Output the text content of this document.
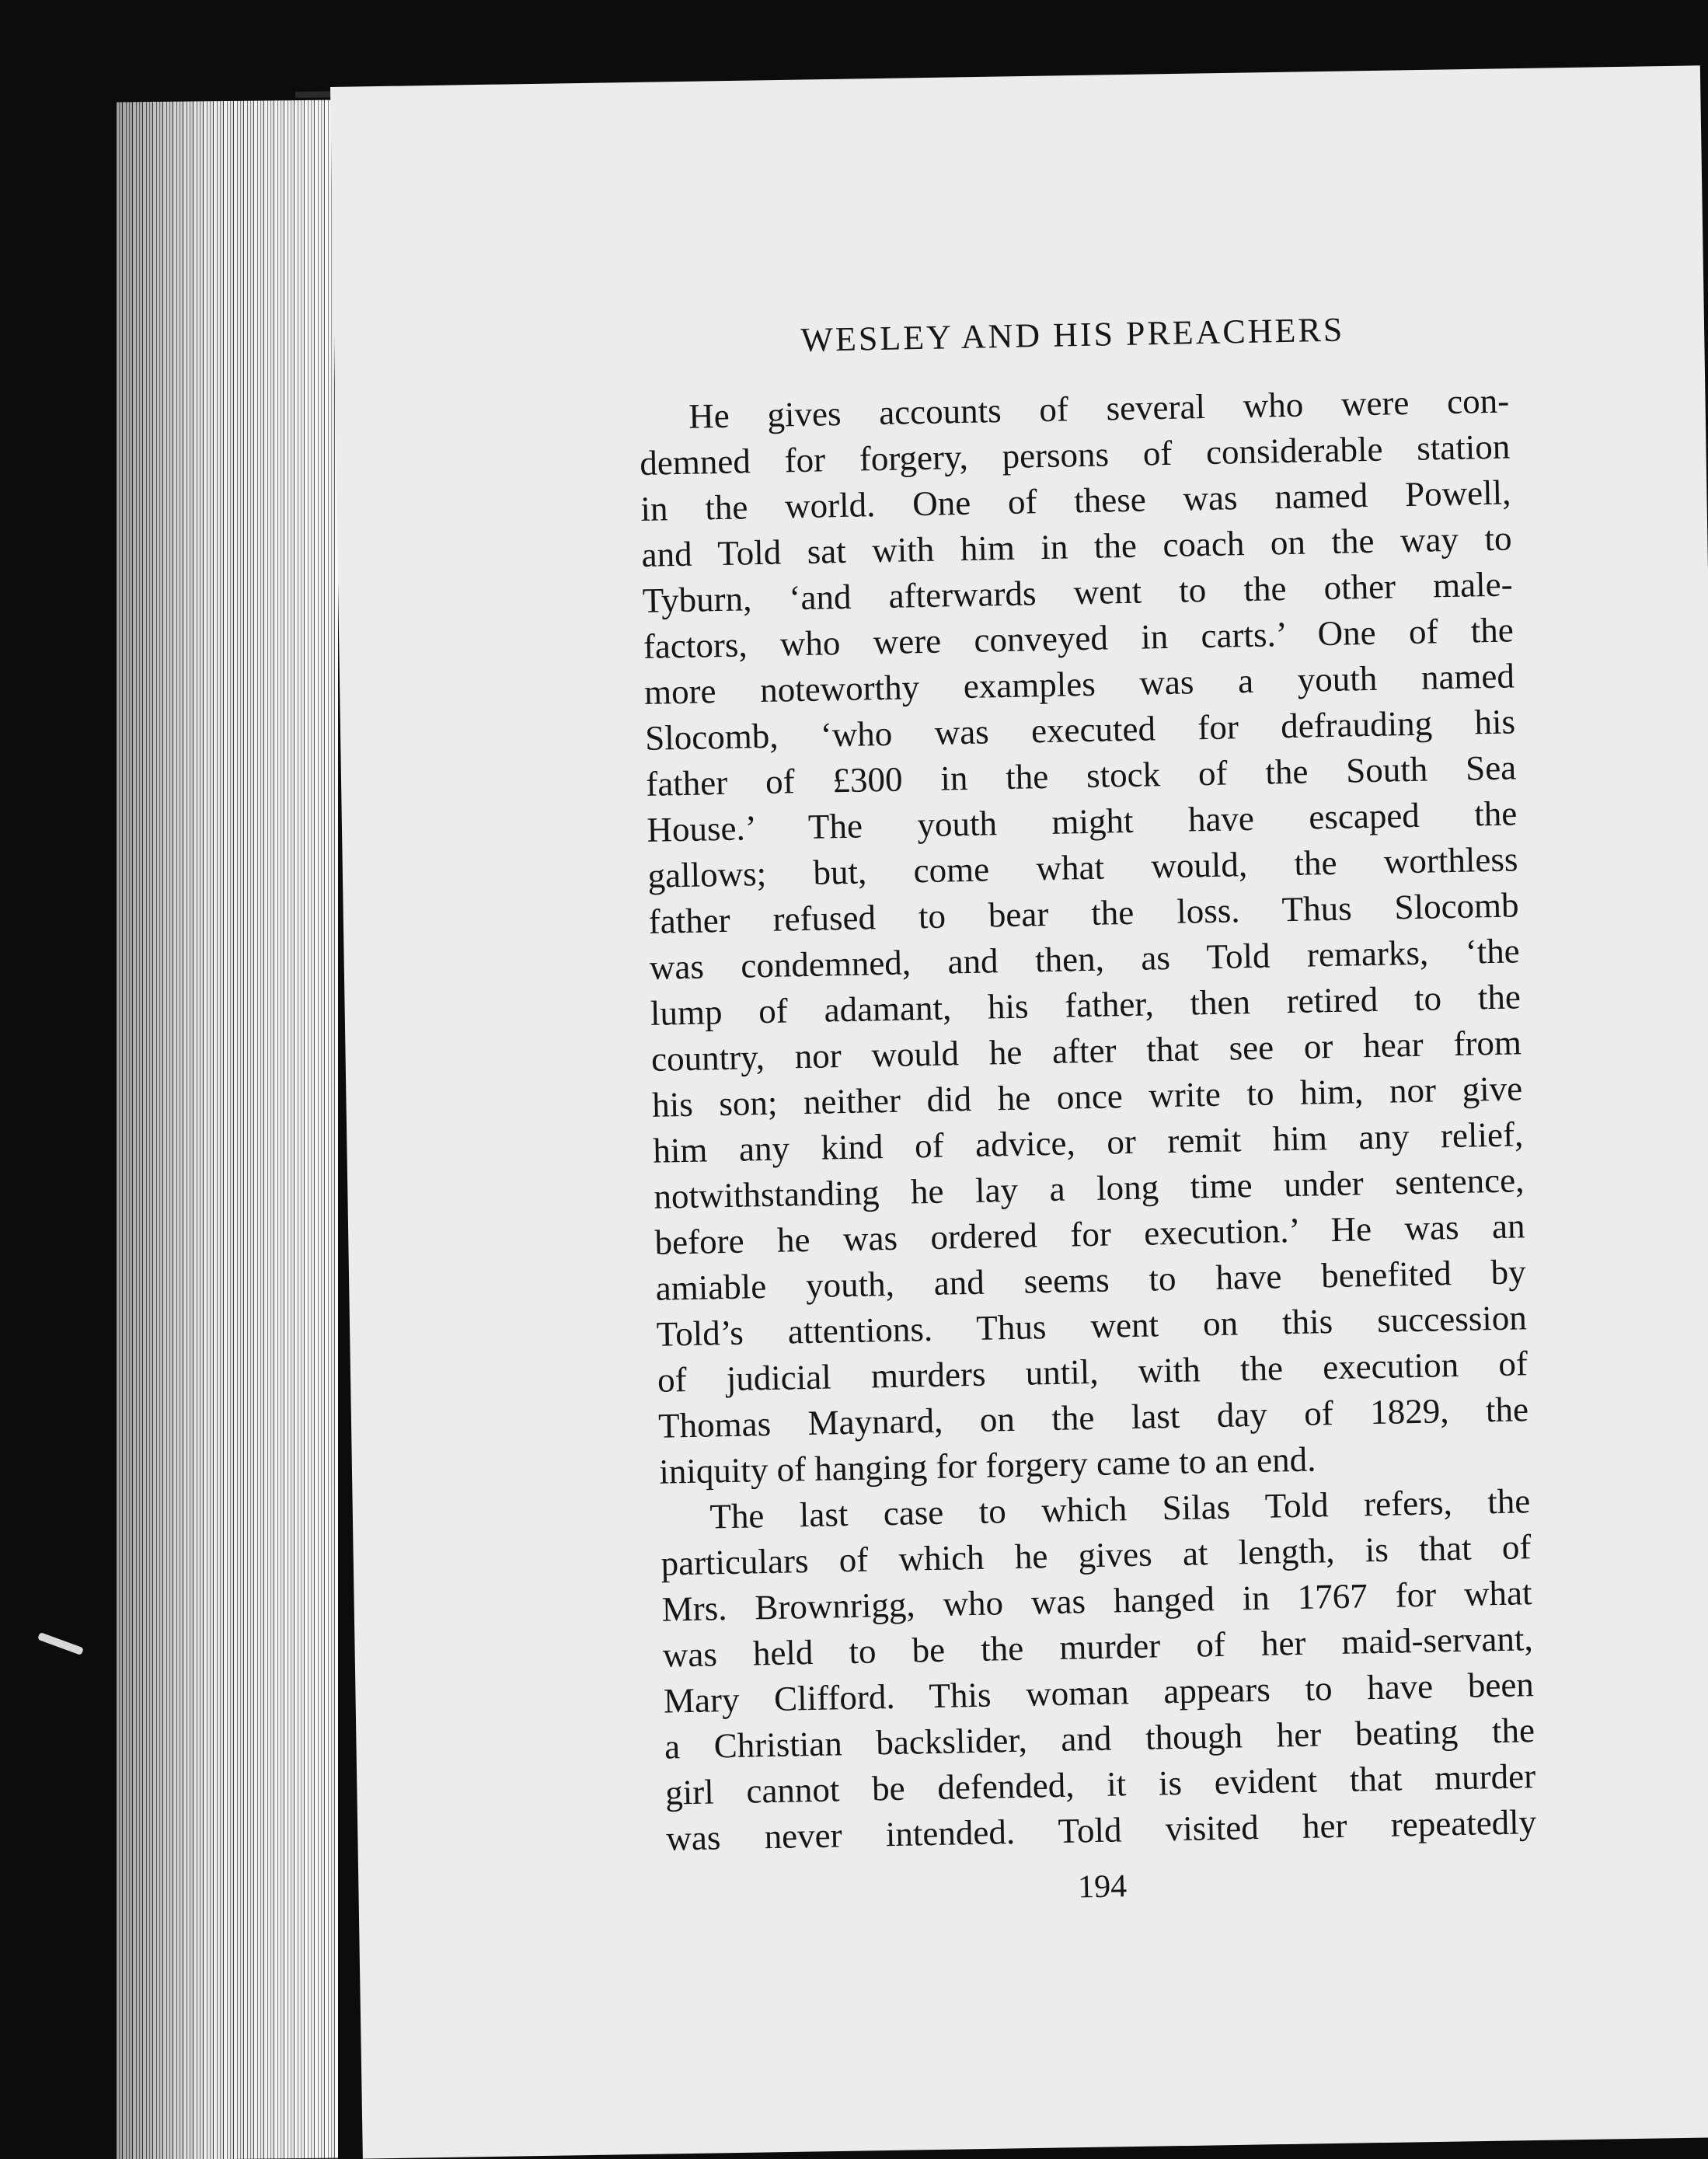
WESLEY AND HIS PREACHERS
He gives accounts of several who were con-
demned for forgery, persons of considerable station
in the world. One of these was named Powell,
and Told sat with him in the coach on the way to
Tyburn, ‘and afterwards went to the other male-
factors, who were conveyed in carts.’ One of the
more noteworthy examples was a youth named
Slocomb, ‘who was executed for defrauding his
father of £300 in the stock of the South Sea
House.’ The youth might have escaped the
gallows; but, come what would, the worthless
father refused to bear the loss. Thus Slocomb
was condemned, and then, as Told remarks, ‘the
lump of adamant, his father, then retired to the
country, nor would he after that see or hear from
his son; neither did he once write to him, nor give
him any kind of advice, or remit him any relief,
notwithstanding he lay a long time under sentence,
before he was ordered for execution.’ He was an
amiable youth, and seems to have benefited by
Told’s attentions. Thus went on this succession
of judicial murders until, with the execution of
Thomas Maynard, on the last day of 1829, the
iniquity of hanging for forgery came to an end.
The last case to which Silas Told refers, the
particulars of which he gives at length, is that of
Mrs. Brownrigg, who was hanged in 1767 for what
was held to be the murder of her maid-servant,
Mary Clifford. This woman appears to have been
a Christian backslider, and though her beating the
girl cannot be defended, it is evident that murder
was never intended. Told visited her repeatedly
194
